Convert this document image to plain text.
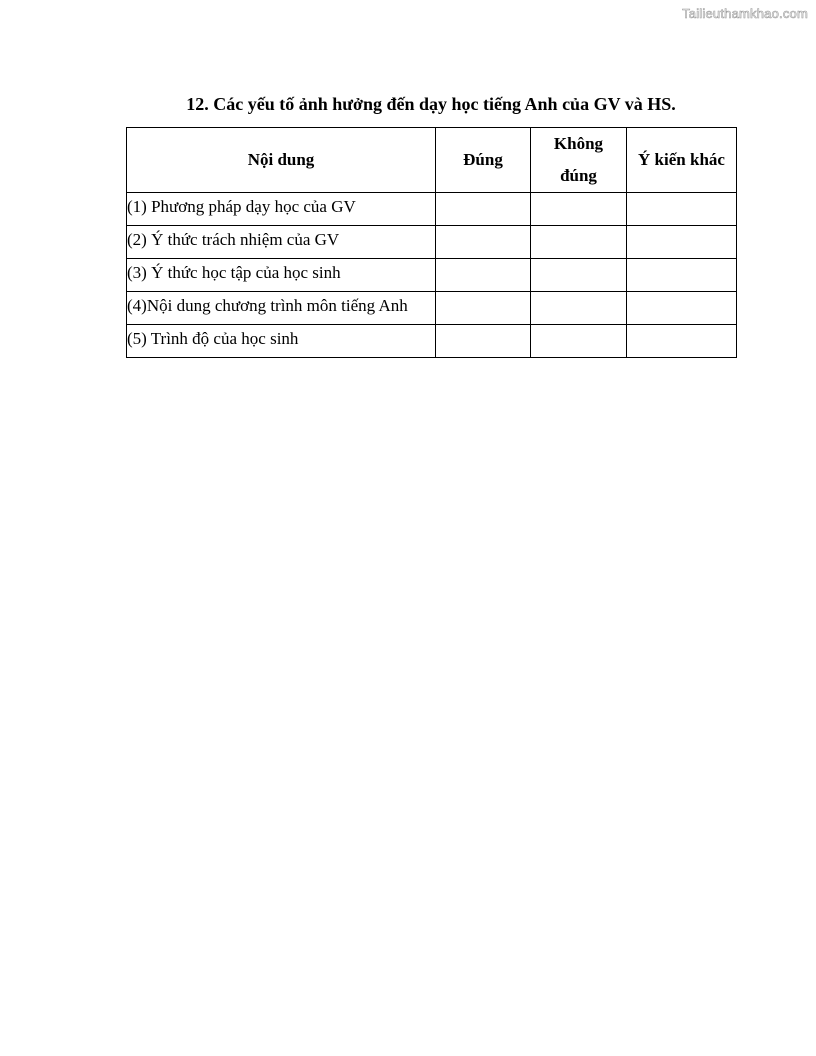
Tailieuthamkhao.com
12. Các yếu tố ảnh hưởng đến dạy học tiếng Anh của GV và HS.
Nội dung	Đúng	Không đúng	Ý kiến khác
(1) Phương pháp dạy học của GV			
(2) Ý thức trách nhiệm của GV			
(3) Ý thức học tập của học sinh			
(4)Nội dung chương trình môn tiếng Anh			
(5) Trình độ của học sinh			
